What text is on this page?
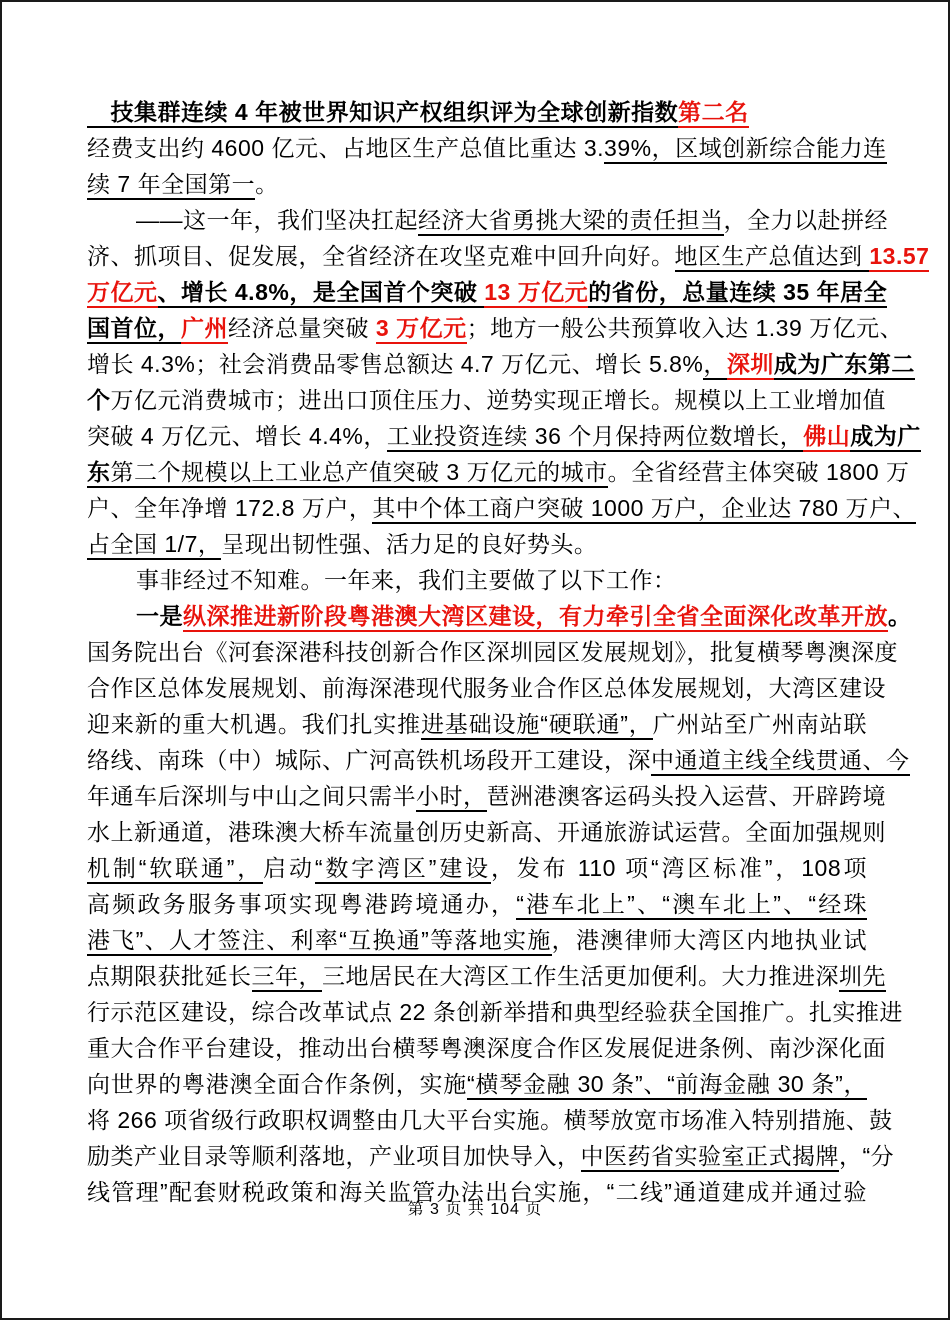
　技集群连续 4 年被世界知识产权组织评为全球创新指数第二名
经费支出约 4600 亿元、占地区生产总值比重达 3.39%，区域创新综合能力连
续 7 年全国第一。
——这一年，我们坚决扛起经济大省勇挑大梁的责任担当，全力以赴拼经
济、抓项目、促发展，全省经济在攻坚克难中回升向好。地区生产总值达到 13.57
万亿元、增长 4.8%，是全国首个突破 13 万亿元的省份，总量连续 35 年居全
国首位，广州经济总量突破 3 万亿元；地方一般公共预算收入达 1.39 万亿元、
增长 4.3%；社会消费品零售总额达 4.7 万亿元、增长 5.8%，深圳成为广东第二
个万亿元消费城市；进出口顶住压力、逆势实现正增长。规模以上工业增加值
突破 4 万亿元、增长 4.4%，工业投资连续 36 个月保持两位数增长，佛山成为广
东第二个规模以上工业总产值突破 3 万亿元的城市。全省经营主体突破 1800 万
户、全年净增 172.8 万户，其中个体工商户突破 1000 万户，企业达 780 万户、
占全国 1/7，呈现出韧性强、活力足的良好势头。
事非经过不知难。一年来，我们主要做了以下工作：
一是纵深推进新阶段粤港澳大湾区建设，有力牵引全省全面深化改革开放。
国务院出台《河套深港科技创新合作区深圳园区发展规划》，批复横琴粤澳深度
合作区总体发展规划、前海深港现代服务业合作区总体发展规划，大湾区建设
迎来新的重大机遇。我们扎实推进基础设施“硬联通”，广州站至广州南站联
络线、南珠（中）城际、广河高铁机场段开工建设，深中通道主线全线贯通、今
年通车后深圳与中山之间只需半小时，琶洲港澳客运码头投入运营、开辟跨境
水上新通道，港珠澳大桥车流量创历史新高、开通旅游试运营。全面加强规则
机制“软联通”，启动“数字湾区”建设，发布 110 项“湾区标准”，108项
高频政务服务事项实现粤港跨境通办，“港车北上”、“澳车北上”、“经珠
港飞”、人才签注、利率“互换通”等落地实施，港澳律师大湾区内地执业试
点期限获批延长三年，三地居民在大湾区工作生活更加便利。大力推进深圳先
行示范区建设，综合改革试点 22 条创新举措和典型经验获全国推广。扎实推进
重大合作平台建设，推动出台横琴粤澳深度合作区发展促进条例、南沙深化面
向世界的粤港澳全面合作条例，实施“横琴金融 30 条”、“前海金融 30 条”，
将 266 项省级行政职权调整由几大平台实施。横琴放宽市场准入特别措施、鼓
励类产业目录等顺利落地，产业项目加快导入，中医药省实验室正式揭牌，“分
线管理”配套财税政策和海关监管办法出台实施，“二线”通道建成并通过验
第 3 页 共 104 页
